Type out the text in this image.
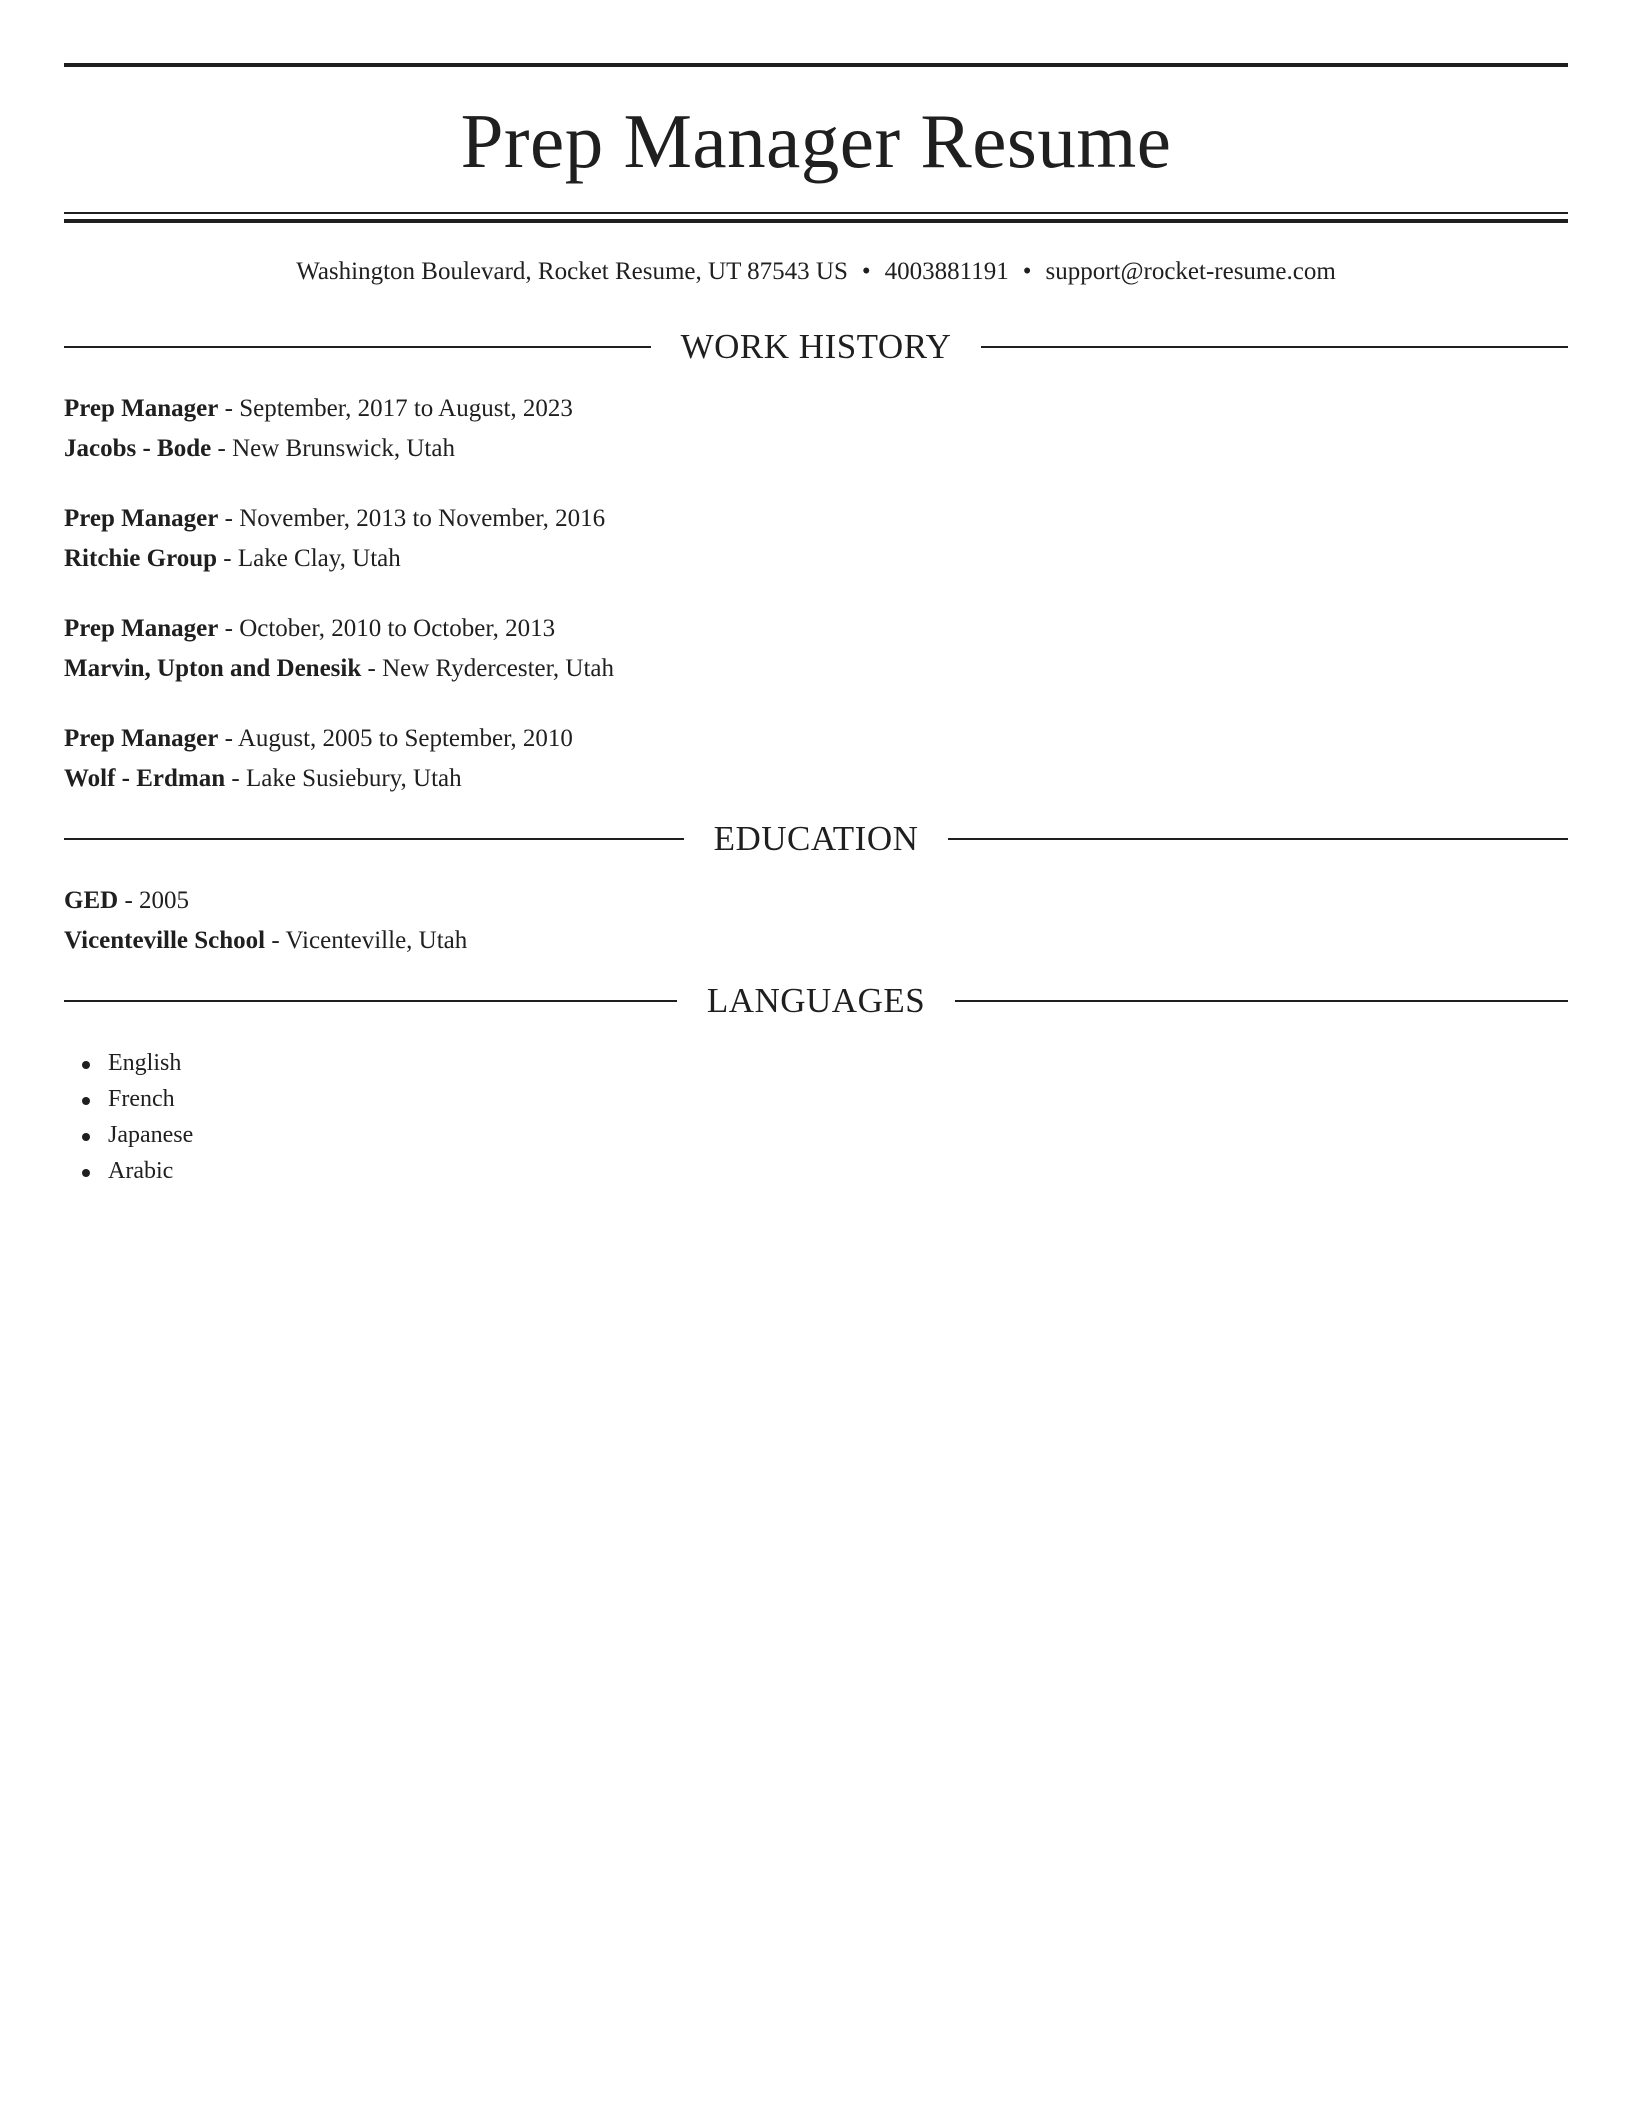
Prep Manager Resume
Washington Boulevard, Rocket Resume, UT 87543 US • 4003881191 • support@rocket-resume.com
WORK HISTORY
Prep Manager - September, 2017 to August, 2023
Jacobs - Bode - New Brunswick, Utah
Prep Manager - November, 2013 to November, 2016
Ritchie Group - Lake Clay, Utah
Prep Manager - October, 2010 to October, 2013
Marvin, Upton and Denesik - New Rydercester, Utah
Prep Manager - August, 2005 to September, 2010
Wolf - Erdman - Lake Susiebury, Utah
EDUCATION
GED - 2005
Vicenteville School - Vicenteville, Utah
LANGUAGES
English
French
Japanese
Arabic
